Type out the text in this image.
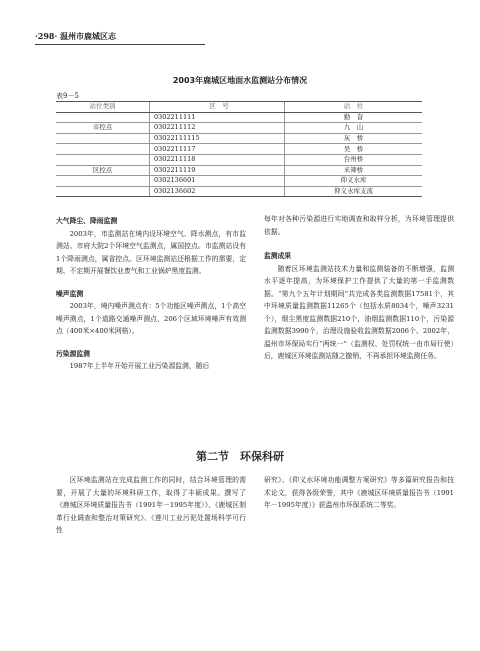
·298· 温州市鹿城区志
2003年鹿城区地面水监测站分布情况
表9－5
站位类别	区　号	站　位
	0302211111	勤　奋
市控点	0302211112	九　山
	03022111115	灰　桥
	0302211117	吴　桥
	0302211118	台州桥
区控点	0302211119	米筛桥
	0302136601	仰义水库
	0302136602	仰义水库支流
大气降尘、降雨监测

2003年，市监测站在境内设环境空气、降水测点，有市监测站、市府大院2个环境空气监测点，属国控点。市监测站设有1个降雨测点，属省控点。区环境监测站还根据工作的需要，定期、不定期开展餐饮业废气和工业锅炉黑度监测。

噪声监测

2003年，境内噪声测点有：5个功能区噪声测点，1个高空噪声测点，1个道路交通噪声测点，206个区域环境噪声有效测点（400米×400米网格）。

污染源监测

1987年上半年开始开展工业污染源监测，随后

每年对各种污染源进行实地调查和取样分析，为环境管理提供依据。

监测成果

随着区环境监测站技术力量和监测装备的不断增强，监测水平逐年提高，为环境保护工作提供了大量的第一手监测数据。“第九个五年计划期间”共完成各类监测数据17581个，其中环境质量监测数据11265个（包括水质8034个，噪声3231个），烟尘黑度监测数据210个，油烟监测数据110个，污染源监测数据3990个，治理设施验收监测数据2006个。2002年，温州市环保局实行“两统一”（监测权、处罚权统一由市局行使）后，鹿城区环境监测站随之撤销，不再承担环境监测任务。

第二节　环保科研

区环境监测站在完成监测工作的同时，结合环境管理的需要，开展了大量的环境科研工作，取得了丰硕成果。撰写了《鹿城区环境质量报告书（1991年－1995年度）》、《鹿城区制革行业调查和整治对策研究》、《莲川工业污泥处置场科学可行性

研究》、《仰义水环境功能调整方案研究》等多篇研究报告和技术论文，获得各级荣誉，其中《鹿城区环境质量报告书（1991年－1995年度）》获温州市环保系统二等奖。
